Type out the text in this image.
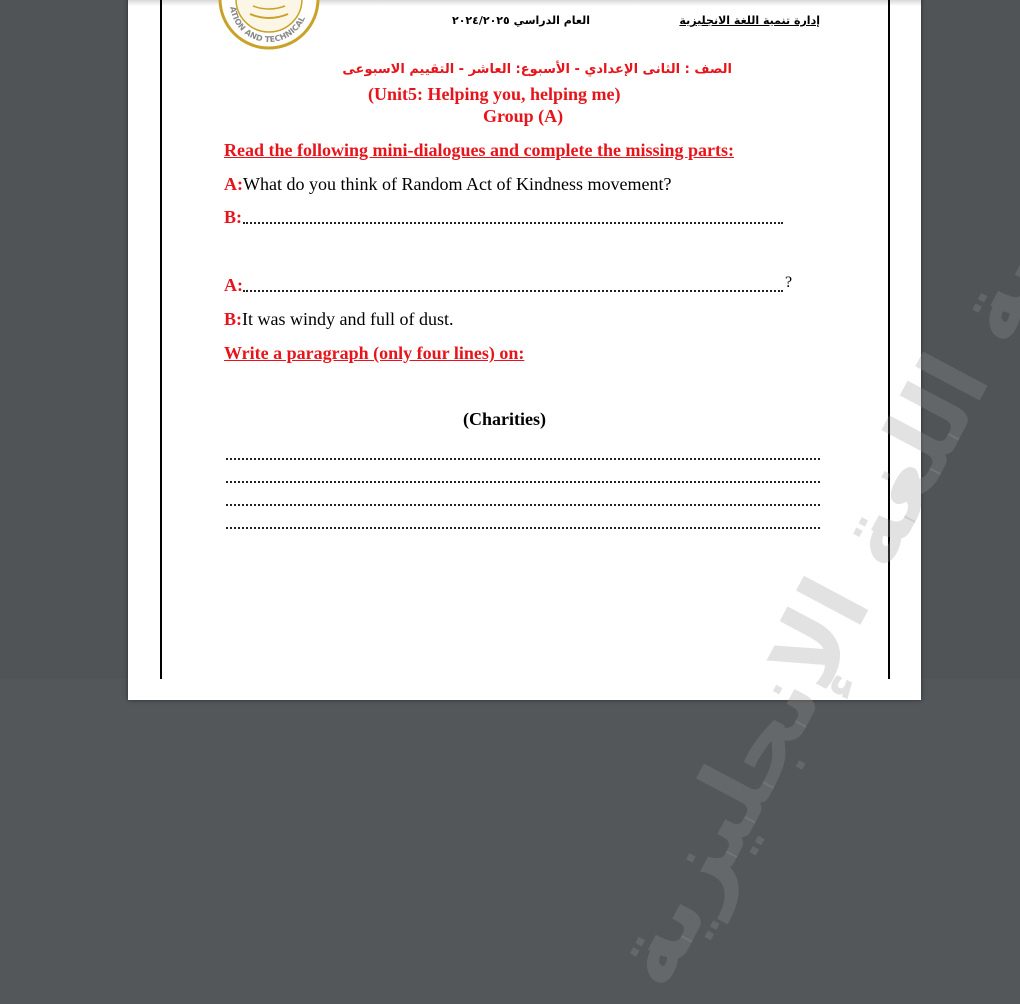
ATION AND TECHNICAL	إدارة تنمية اللغة الانجليزية
العام الدراسي ٢٠٢٤/٢٠٢٥
الصف : الثانى الإعدادي - الأسبوع: العاشر - التقييم الاسبوعى
(Unit5: Helping you, helping me)
Group (A)
Read the following mini-dialogues and complete the missing parts:
A:What do you think of Random Act of Kindness movement?
B:
A:	?
B:It was windy and full of dust.
Write a paragraph (only four lines) on:
(Charities)
تنمية اللغة الإنجليزية
